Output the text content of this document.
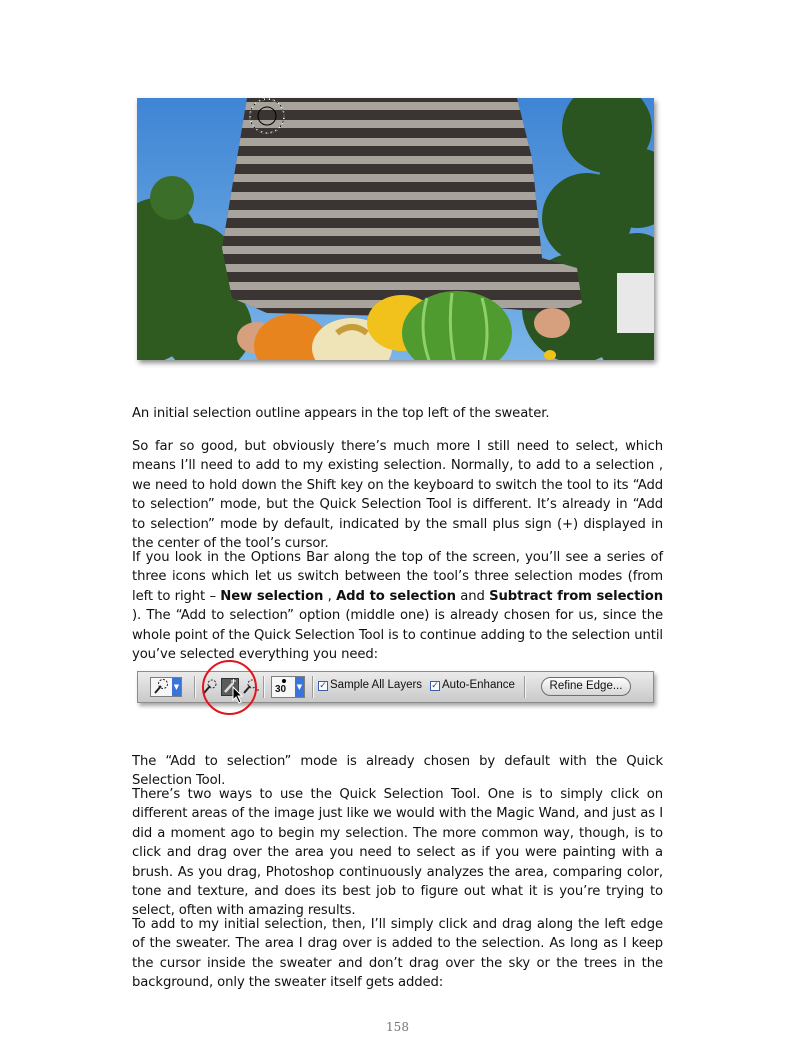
An initial selection outline appears in the top left of the sweater.

So far so good, but obviously there’s much more I still need to select, which means I’ll need to add to my existing selection. Normally, to add to a selection , we need to hold down the Shift key on the keyboard to switch the tool to its “Add to selection” mode, but the Quick Selection Tool is different. It’s already in “Add to selection” mode by default, indicated by the small plus sign (+) displayed in the center of the tool’s cursor.

If you look in the Options Bar along the top of the screen, you’ll see a series of three icons which let us switch between the tool’s three selection modes (from left to right – New selection , Add to selection and Subtract from selection ). The “Add to selection” option (middle one) is already chosen for us, since the whole point of the Quick Selection Tool is to continue adding to the selection until you’ve selected everything you need:

▼	30 ▼ ✓ Sample All Layers ✓ Auto-Enhance	Refine Edge...

The “Add to selection” mode is already chosen by default with the Quick Selection Tool.

There’s two ways to use the Quick Selection Tool. One is to simply click on different areas of the image just like we would with the Magic Wand, and just as I did a moment ago to begin my selection. The more common way, though, is to click and drag over the area you need to select as if you were painting with a brush. As you drag, Photoshop continuously analyzes the area, comparing color, tone and texture, and does its best job to figure out what it is you’re trying to select, often with amazing results.

To add to my initial selection, then, I’ll simply click and drag along the left edge of the sweater. The area I drag over is added to the selection. As long as I keep the cursor inside the sweater and don’t drag over the sky or the trees in the background, only the sweater itself gets added:

158
